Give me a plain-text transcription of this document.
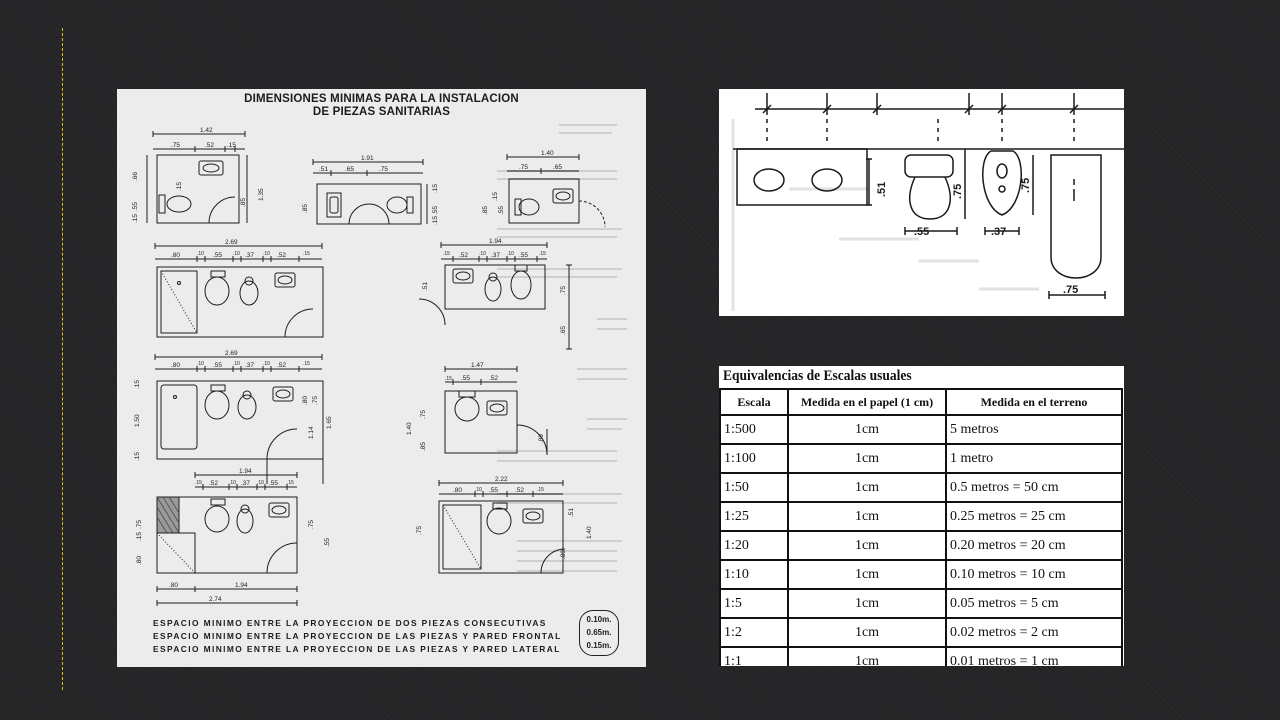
1.42
.75	.52 .15
.66
.55
.15
.85
1.35
.15
1.91
.51	.65	.75
.85
.15
.55
.15
1.40
.75	.65
.85
.15
.55
2.69
.80	.10 .55 .10 .37 .10 .52	.15
1.94
.15 .52 .10 .37 .10 .55 .15
.51	.75
.65
2.69
.80	.10 .55 .10 .37 .10 .52	.15
.15
1.50
.15
.80 .75
1.14
1.65
1.47
.15 .55	.52
.75
1.40
.85
.89
1.94
.15 .52 .10 .37 .10 .55 .15
.75
.15
.80
.75
.55
.80	1.94
2.74
2.22
.80	.10 .55	.52	.15
.75
.89
1.40
.51
DIMENSIONES MINIMAS PARA LA INSTALACION
DE PIEZAS SANITARIAS
ESPACIO MINIMO ENTRE LA PROYECCION DE DOS PIEZAS CONSECUTIVAS
ESPACIO MINIMO ENTRE LA PROYECCION DE LAS PIEZAS Y PARED FRONTAL
ESPACIO MINIMO ENTRE LA PROYECCION DE LAS PIEZAS Y PARED LATERAL
0.10m.
0.65m.
0.15m.
.51
.55
.75
.37
.75
.75
Equivalencias de Escalas usuales
Escala	Medida en el papel (1 cm)	Medida en el terreno
1:500	1cm	5 metros
1:100	1cm	1 metro
1:50	1cm	0.5 metros = 50 cm
1:25	1cm	0.25 metros = 25 cm
1:20	1cm	0.20 metros = 20 cm
1:10	1cm	0.10 metros = 10 cm
1:5	1cm	0.05 metros = 5 cm
1:2	1cm	0.02 metros = 2 cm
1:1	1cm	0.01 metros = 1 cm
